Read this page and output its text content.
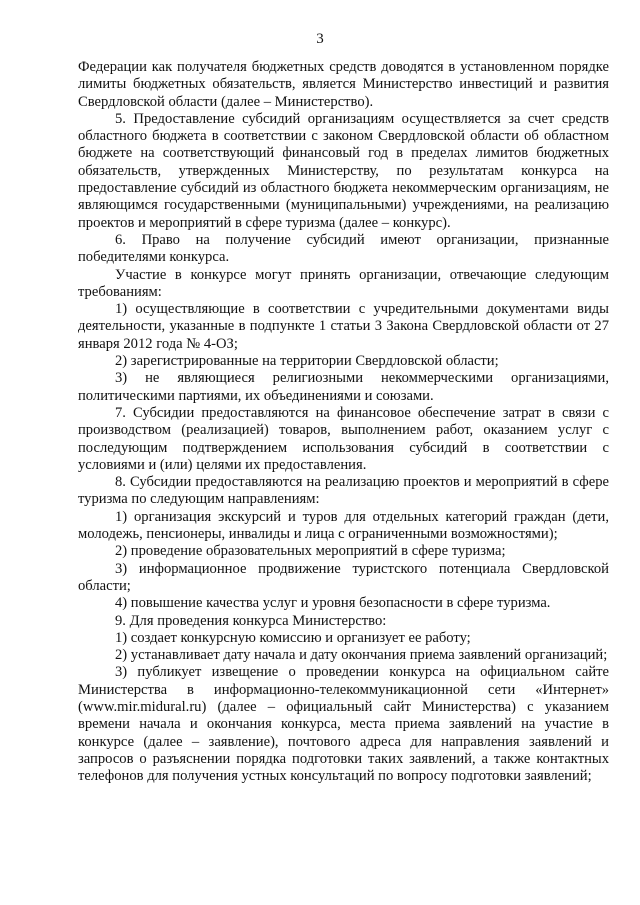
3

Федерации как получателя бюджетных средств доводятся в установленном порядке лимиты бюджетных обязательств, является Министерство инвестиций и развития Свердловской области (далее – Министерство).

5. Предоставление субсидий организациям осуществляется за счет средств областного бюджета в соответствии с законом Свердловской области об областном бюджете на соответствующий финансовый год в пределах лимитов бюджетных обязательств, утвержденных Министерству, по результатам конкурса на предоставление субсидий из областного бюджета некоммерческим организациям, не являющимся государственными (муниципальными) учреждениями, на реализацию проектов и мероприятий в сфере туризма (далее – конкурс).

6. Право на получение субсидий имеют организации, признанные победителями конкурса.

Участие в конкурсе могут принять организации, отвечающие следующим требованиям:

1) осуществляющие в соответствии с учредительными документами виды деятельности, указанные в подпункте 1 статьи 3 Закона Свердловской области от 27 января 2012 года № 4-ОЗ;

2) зарегистрированные на территории Свердловской области;

3) не являющиеся религиозными некоммерческими организациями, политическими партиями, их объединениями и союзами.

7. Субсидии предоставляются на финансовое обеспечение затрат в связи с производством (реализацией) товаров, выполнением работ, оказанием услуг с последующим подтверждением использования субсидий в соответствии с условиями и (или) целями их предоставления.

8. Субсидии предоставляются на реализацию проектов и мероприятий в сфере туризма по следующим направлениям:

1) организация экскурсий и туров для отдельных категорий граждан (дети, молодежь, пенсионеры, инвалиды и лица с ограниченными возможностями);

2) проведение образовательных мероприятий в сфере туризма;

3) информационное продвижение туристского потенциала Свердловской области;

4) повышение качества услуг и уровня безопасности в сфере туризма.

9. Для проведения конкурса Министерство:

1) создает конкурсную комиссию и организует ее работу;

2) устанавливает дату начала и дату окончания приема заявлений организаций;

3) публикует извещение о проведении конкурса на официальном сайте Министерства в информационно-телекоммуникационной сети «Интернет» (www.mir.midural.ru) (далее – официальный сайт Министерства) с указанием времени начала и окончания конкурса, места приема заявлений на участие в конкурсе (далее – заявление), почтового адреса для направления заявлений и запросов о разъяснении порядка подготовки таких заявлений, а также контактных телефонов для получения устных консультаций по вопросу подготовки заявлений;
